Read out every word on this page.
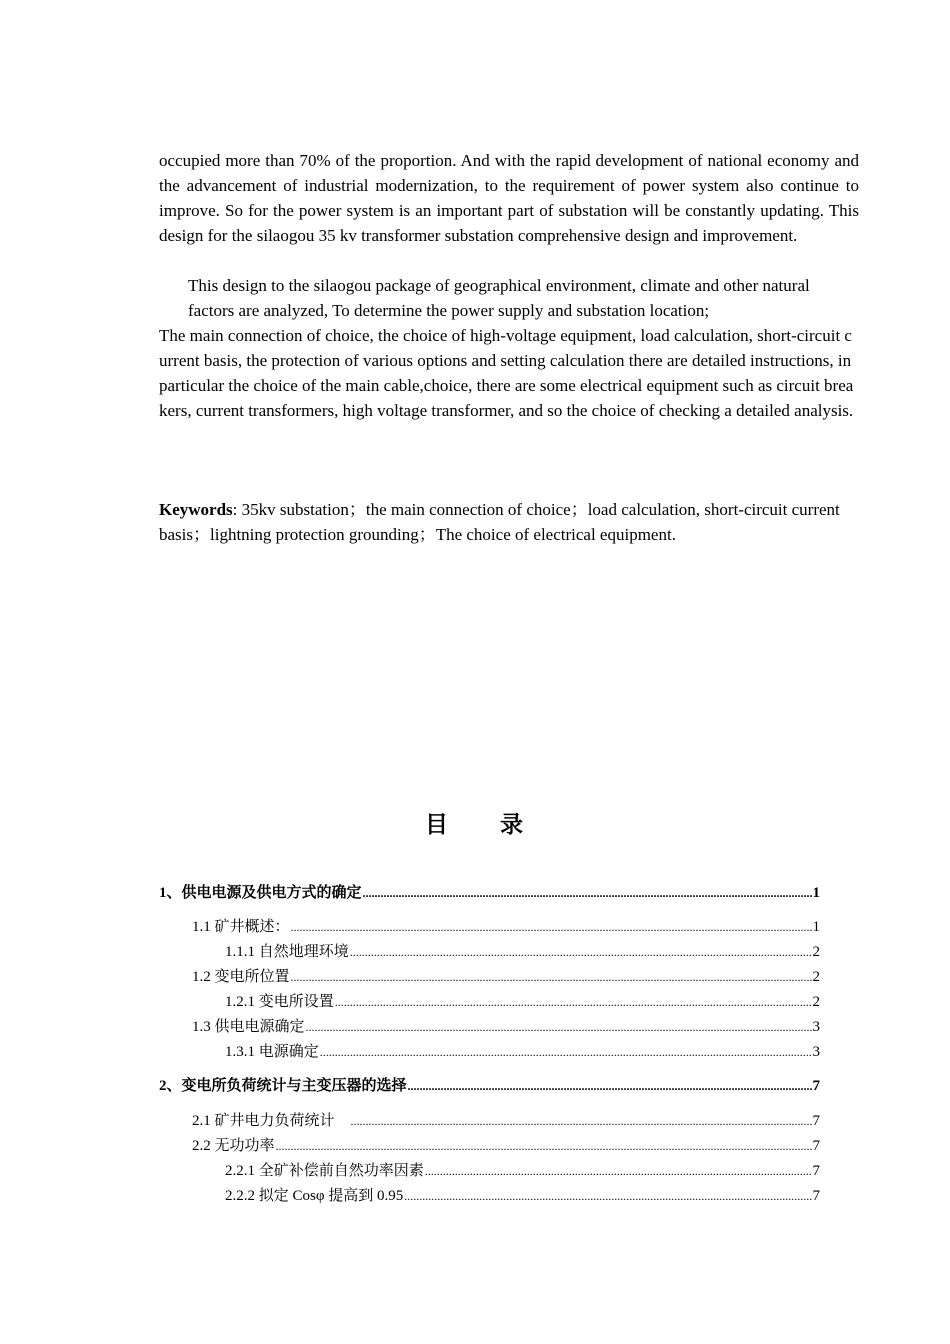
occupied more than 70% of the proportion. And with the rapid development of national economy and the advancement of industrial modernization, to the requirement of power system also continue to improve. So for the power system is an important part of substation will be constantly updating. This design for the silaogou 35 kv transformer substation comprehensive design and improvement.

This design to the silaogou package of geographical environment, climate and other natural factors are analyzed, To determine the power supply and substation location;
The main connection of choice, the choice of high-voltage equipment, load calculation, short-circuit current basis, the protection of various options and setting calculation there are detailed instructions, in particular the choice of the main cable,choice, there are some electrical equipment such as circuit breakers, current transformers, high voltage transformer, and so the choice of checking a detailed analysis.
Keywords: 35kv substation；the main connection of choice；load calculation, short-circuit current basis；lightning protection grounding；The choice of electrical equipment.
目 录
1、供电电源及供电方式的确定 .....	1
1.1 矿井概述： .....	1
1.1.1 自然地理环境 .....	2
1.2 变电所位置 .....	2
1.2.1 变电所设置 .....	2
1.3 供电电源确定 .....	3
1.3.1 电源确定 .....	3
2、变电所负荷统计与主变压器的选择 .....	7
2.1 矿井电力负荷统计　 .....	7
2.2 无功功率 .....	7
2.2.1 全矿补偿前自然功率因素 .....	7
2.2.2 拟定 Cosφ 提高到 0.95 .....	7
